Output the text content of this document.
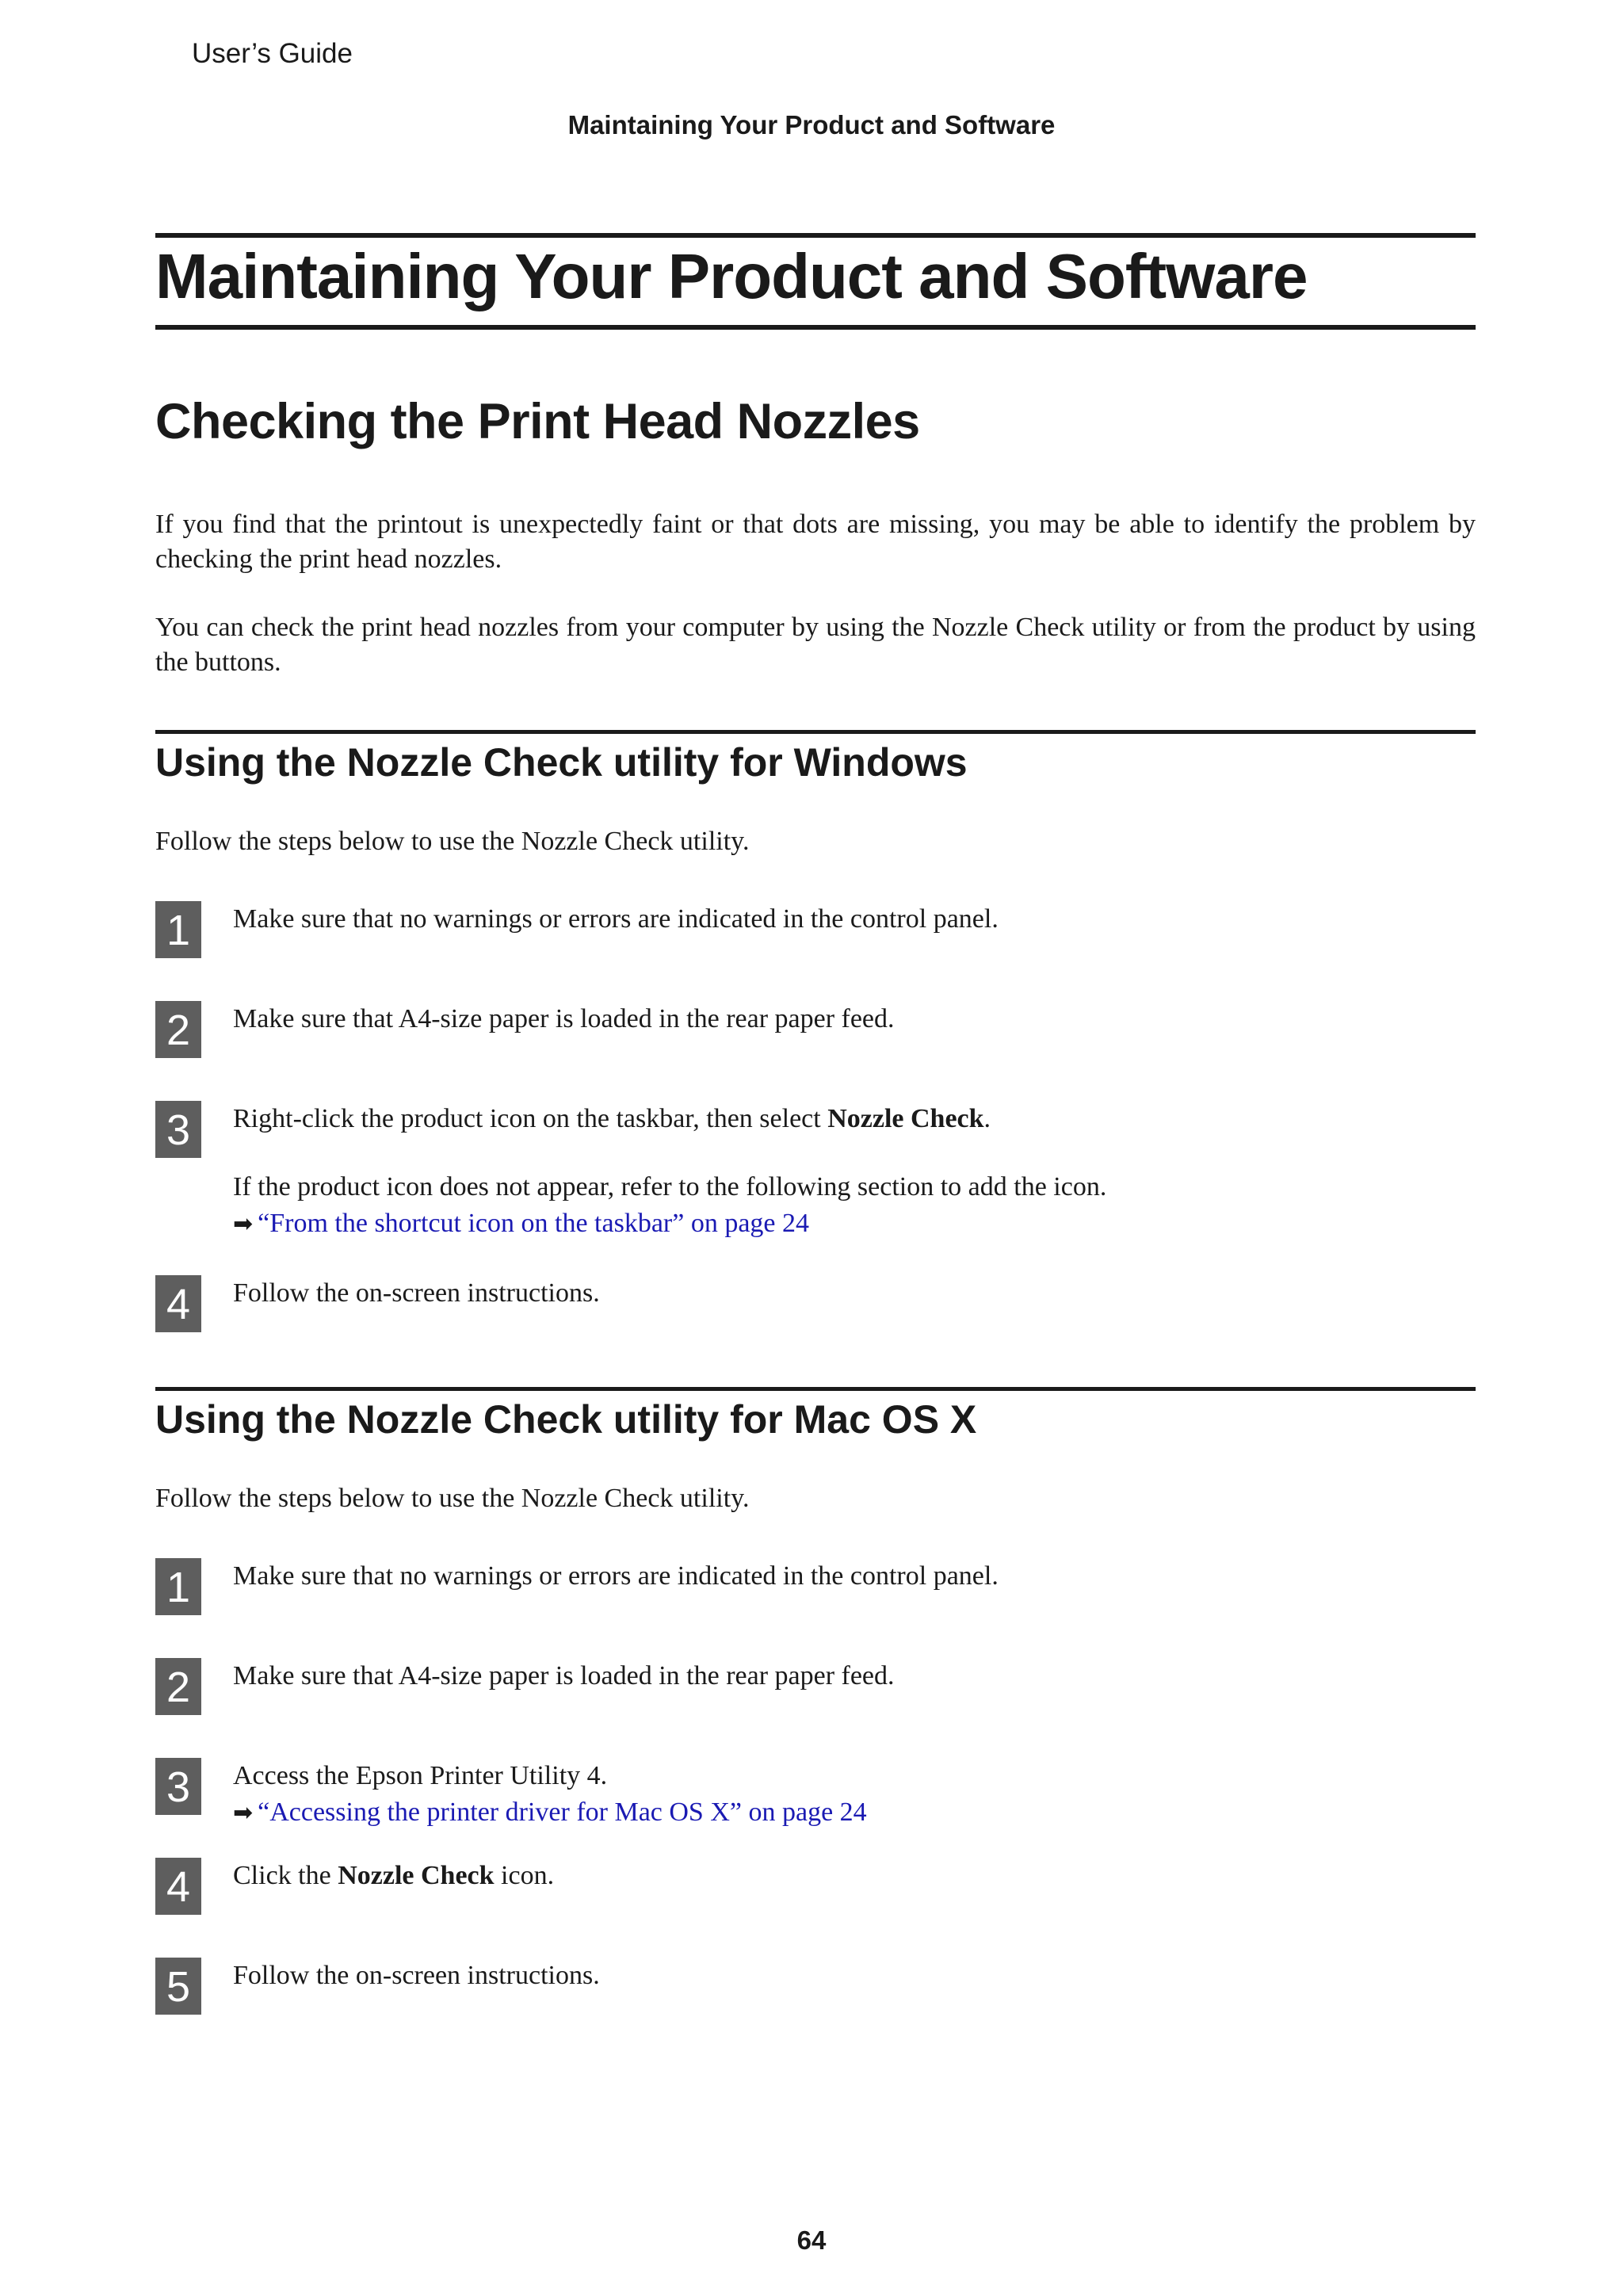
User’s Guide
Maintaining Your Product and Software
Maintaining Your Product and Software
Checking the Print Head Nozzles

If you find that the printout is unexpectedly faint or that dots are missing, you may be able to identify the problem by checking the print head nozzles.

You can check the print head nozzles from your computer by using the Nozzle Check utility or from the product by using the buttons.

Using the Nozzle Check utility for Windows

Follow the steps below to use the Nozzle Check utility.

1	Make sure that no warnings or errors are indicated in the control panel.
2	Make sure that A4-size paper is loaded in the rear paper feed.
3	Right-click the product icon on the taskbar, then select Nozzle Check.

If the product icon does not appear, refer to the following section to add the icon.

➡ “From the shortcut icon on the taskbar” on page 24

4	Follow the on-screen instructions.
Using the Nozzle Check utility for Mac OS X

Follow the steps below to use the Nozzle Check utility.

1	Make sure that no warnings or errors are indicated in the control panel.
2	Make sure that A4-size paper is loaded in the rear paper feed.
3	Access the Epson Printer Utility 4.

➡ “Accessing the printer driver for Mac OS X” on page 24

4	Click the Nozzle Check icon.
5	Follow the on-screen instructions.
64
